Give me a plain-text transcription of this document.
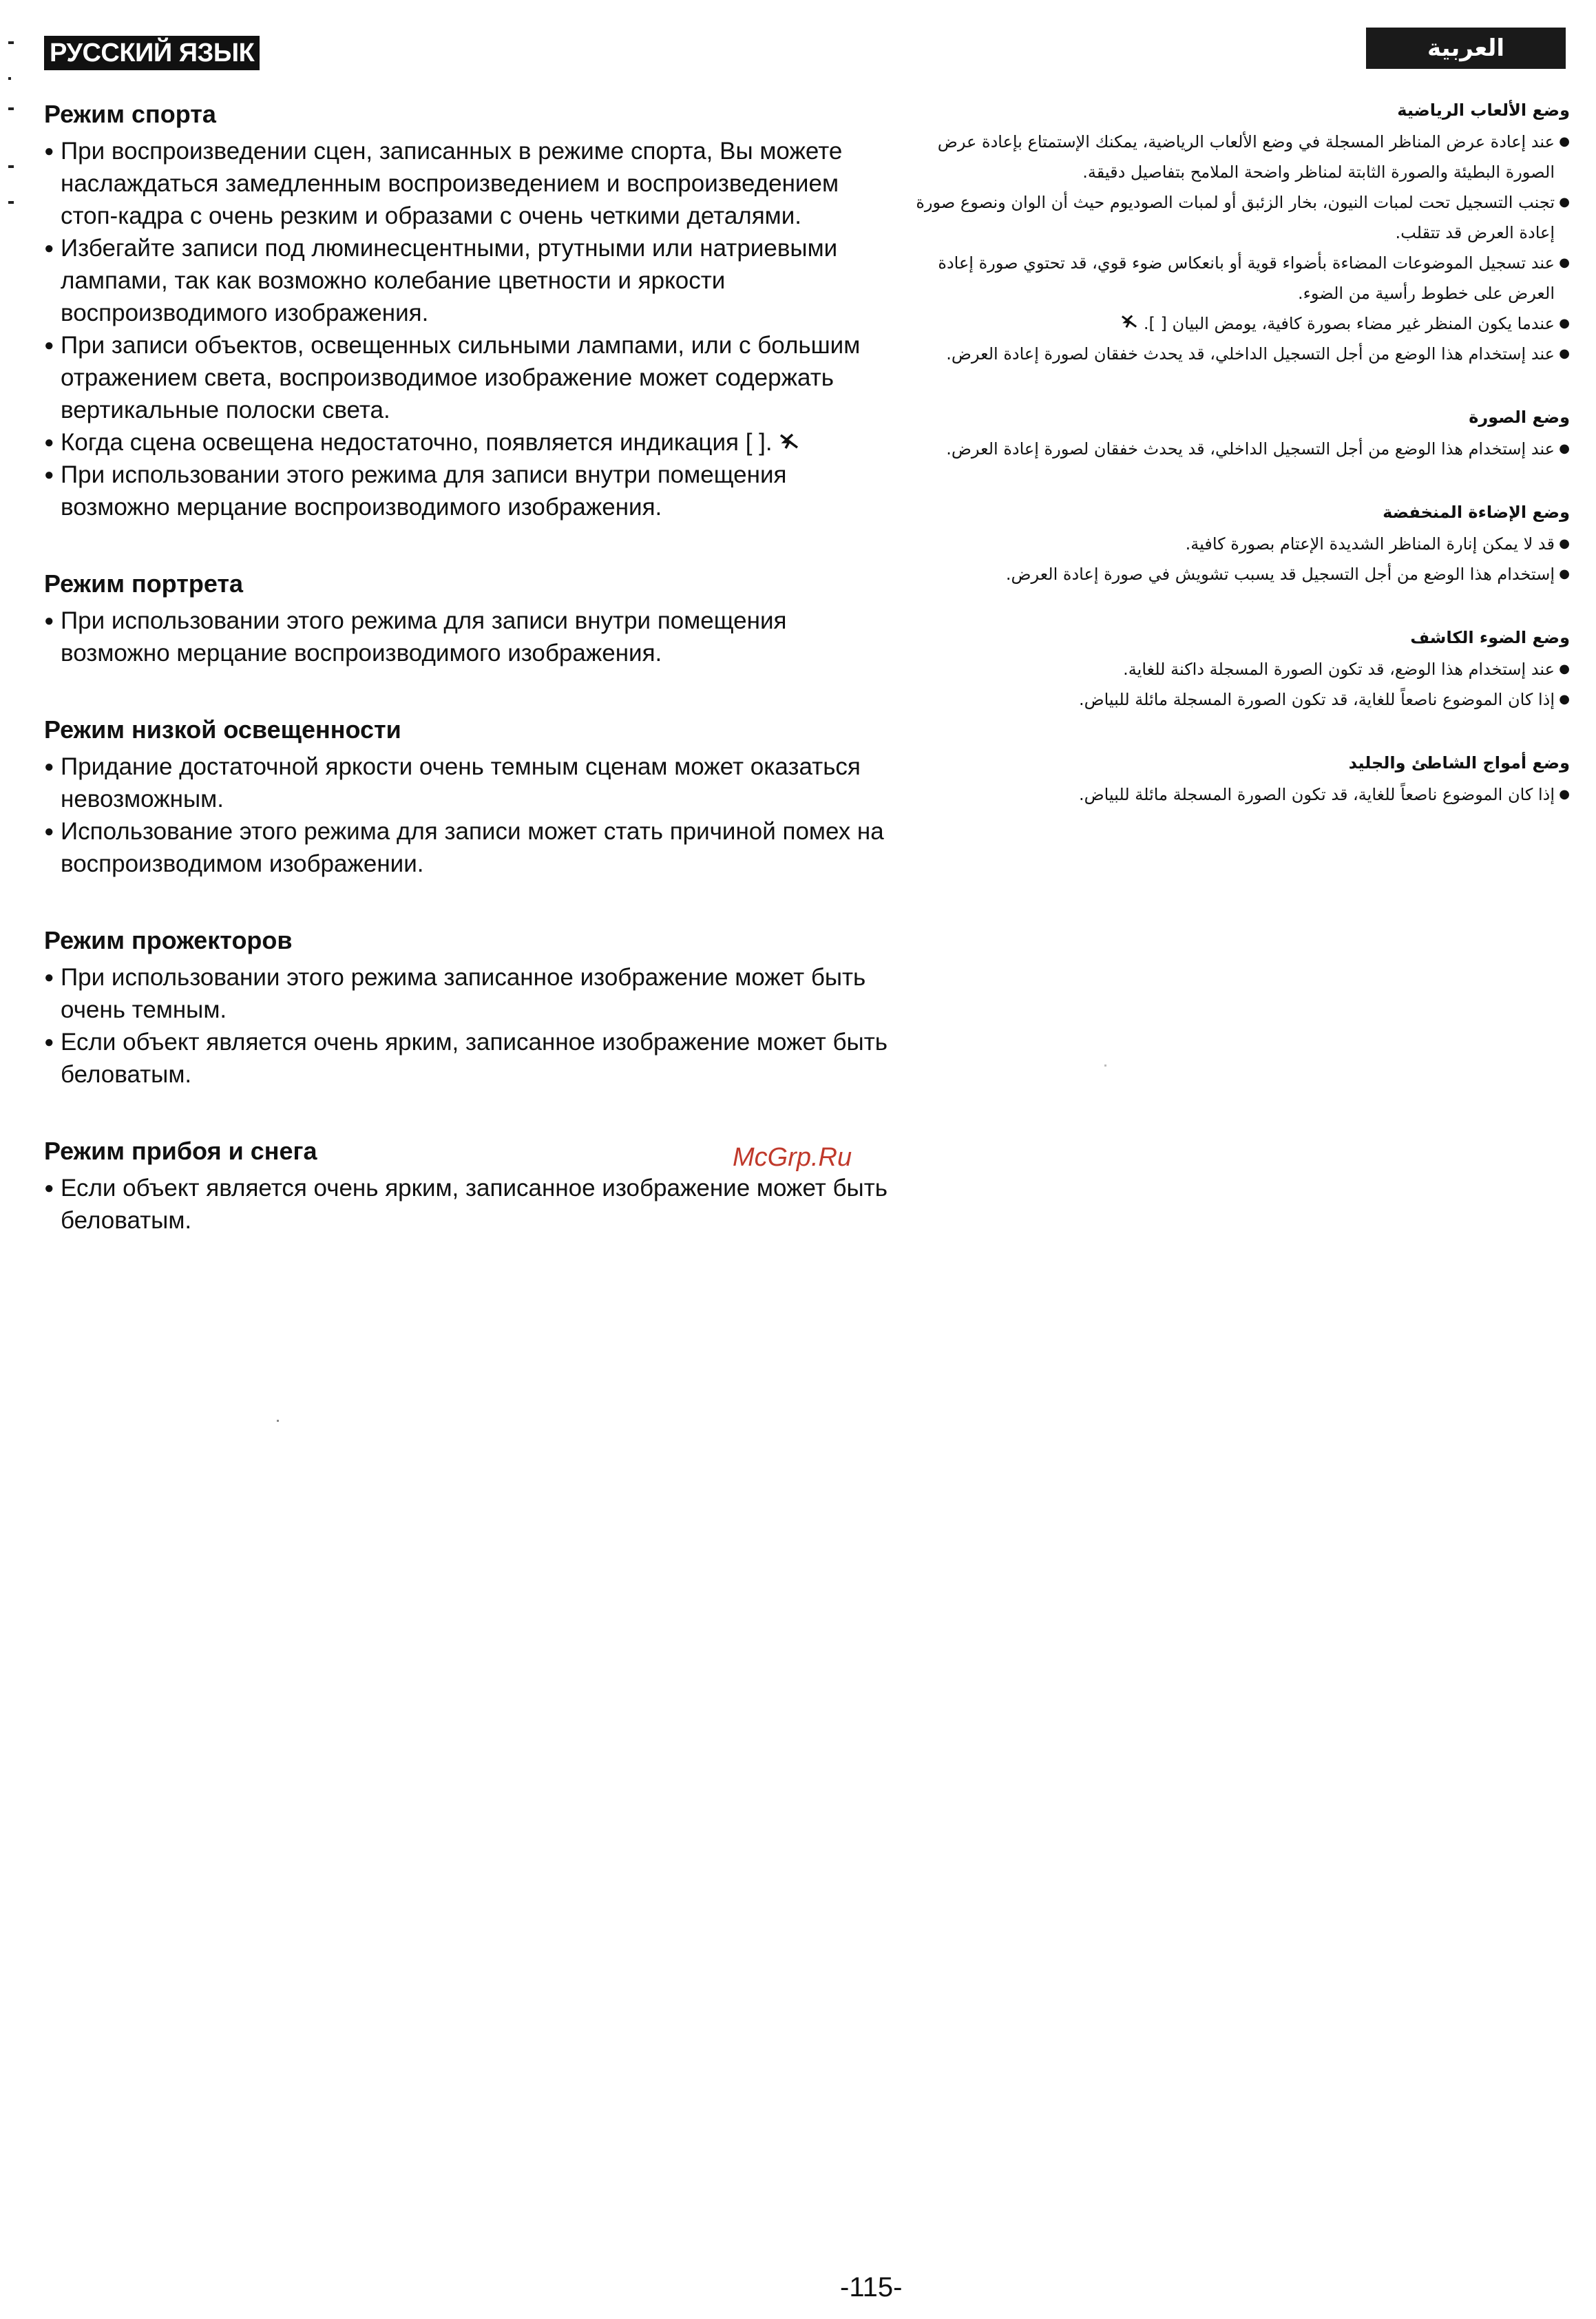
РУССКИЙ ЯЗЫК	العربية
Режим спорта
● При воспроизведении сцен, записанных в режиме спорта, Вы можете наслаждаться замедленным воспроизведением и воспроизведением стоп-кадра с очень резким и образами с очень четкими деталями.
● Избегайте записи под люминесцентными, ртутными или натриевыми лампами, так как возможно колебание цветности и яркости воспроизводимого изображения.
● При записи объектов, освещенных сильными лампами, или с большим отражением света, воспроизводимое изображение может содержать вертикальные полоски света.
● Когда сцена освещена недостаточно, появляется индикация [ ].
● При использовании этого режима для записи внутри помещения возможно мерцание воспроизводимого изображения.
Режим портрета
● При использовании этого режима для записи внутри помещения возможно мерцание воспроизводимого изображения.
Режим низкой освещенности
● Придание достаточной яркости очень темным сценам может оказаться невозможным.
● Использование этого режима для записи может стать причиной помех на воспроизводимом изображении.
Режим прожекторов
● При использовании этого режима записанное изображение может быть очень темным.
● Если объект является очень ярким, записанное изображение может быть беловатым.
Режим прибоя и снега
● Если объект является очень ярким, записанное изображение может быть беловатым.
وضع الألعاب الرياضية
● عند إعادة عرض المناظر المسجلة في وضع الألعاب الرياضية، يمكنك الإستمتاع بإعادة عرض الصورة البطيئة والصورة الثابتة لمناظر واضحة الملامح بتفاصيل دقيقة.
● تجنب التسجيل تحت لمبات النيون، بخار الزئبق أو لمبات الصوديوم حيث أن الوان ونصوع صورة إعادة العرض قد تتقلب.
● عند تسجيل الموضوعات المضاءة بأضواء قوية أو بانعكاس ضوء قوي، قد تحتوي صورة إعادة العرض على خطوط رأسية من الضوء.
● عندما يكون المنظر غير مضاء بصورة كافية، يومض البيان [ ].
● عند إستخدام هذا الوضع من أجل التسجيل الداخلي، قد يحدث خفقان لصورة إعادة العرض.
وضع الصورة
● عند إستخدام هذا الوضع من أجل التسجيل الداخلي، قد يحدث خفقان لصورة إعادة العرض.
وضع الإضاءة المنخفضة
● قد لا يمكن إنارة المناظر الشديدة الإعتام بصورة كافية.
● إستخدام هذا الوضع من أجل التسجيل قد يسبب تشويش في صورة إعادة العرض.
وضع الضوء الكاشف
● عند إستخدام هذا الوضع، قد تكون الصورة المسجلة داكنة للغاية.
● إذا كان الموضوع ناصعاً للغاية، قد تكون الصورة المسجلة مائلة للبياض.
وضع أمواج الشاطئ والجليد
● إذا كان الموضوع ناصعاً للغاية، قد تكون الصورة المسجلة مائلة للبياض.
McGrp.Ru
-115-
